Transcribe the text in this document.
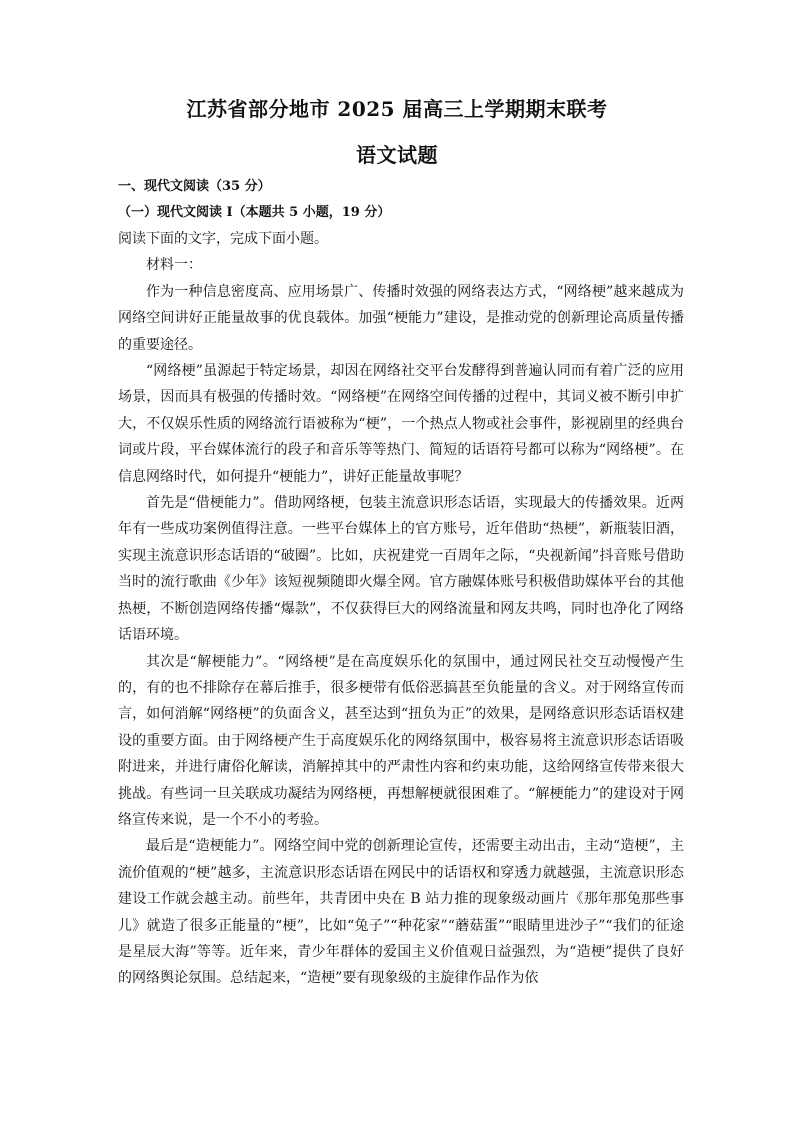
江苏省部分地市 2025 届高三上学期期末联考
语文试题

一、现代文阅读（35 分）

（一）现代文阅读 I（本题共 5 小题，19 分）

阅读下面的文字，完成下面小题。

材料一：

作为一种信息密度高、应用场景广、传播时效强的网络表达方式，“网络梗”越来越成为网络空间讲好正能量故事的优良载体。加强“梗能力”建设，是推动党的创新理论高质量传播的重要途径。

“网络梗”虽源起于特定场景，却因在网络社交平台发酵得到普遍认同而有着广泛的应用场景，因而具有极强的传播时效。“网络梗”在网络空间传播的过程中，其词义被不断引申扩大，不仅娱乐性质的网络流行语被称为“梗”，一个热点人物或社会事件，影视剧里的经典台词或片段，平台媒体流行的段子和音乐等等热门、简短的话语符号都可以称为“网络梗”。在信息网络时代，如何提升“梗能力”，讲好正能量故事呢？

首先是“借梗能力”。借助网络梗，包装主流意识形态话语，实现最大的传播效果。近两年有一些成功案例值得注意。一些平台媒体上的官方账号，近年借助“热梗”，新瓶装旧酒，实现主流意识形态话语的“破圈”。比如，庆祝建党一百周年之际，“央视新闻”抖音账号借助当时的流行歌曲《少年》该短视频随即火爆全网。官方融媒体账号积极借助媒体平台的其他热梗，不断创造网络传播“爆款”，不仅获得巨大的网络流量和网友共鸣，同时也净化了网络话语环境。

其次是“解梗能力”。“网络梗”是在高度娱乐化的氛围中，通过网民社交互动慢慢产生的，有的也不排除存在幕后推手，很多梗带有低俗恶搞甚至负能量的含义。对于网络宣传而言，如何消解“网络梗”的负面含义，甚至达到“扭负为正”的效果，是网络意识形态话语权建设的重要方面。由于网络梗产生于高度娱乐化的网络氛围中，极容易将主流意识形态话语吸附进来，并进行庸俗化解读，消解掉其中的严肃性内容和约束功能，这给网络宣传带来很大挑战。有些词一旦关联成功凝结为网络梗，再想解梗就很困难了。“解梗能力”的建设对于网络宣传来说，是一个不小的考验。

最后是“造梗能力”。网络空间中党的创新理论宣传，还需要主动出击，主动“造梗”，主流价值观的“梗”越多，主流意识形态话语在网民中的话语权和穿透力就越强，主流意识形态建设工作就会越主动。前些年，共青团中央在 B 站力推的现象级动画片《那年那兔那些事儿》就造了很多正能量的“梗”，比如“兔子”“种花家”“蘑菇蛋”“眼睛里进沙子”“我们的征途是星辰大海”等等。近年来，青少年群体的爱国主义价值观日益强烈，为“造梗”提供了良好的网络舆论氛围。总结起来，“造梗”要有现象级的主旋律作品作为依
